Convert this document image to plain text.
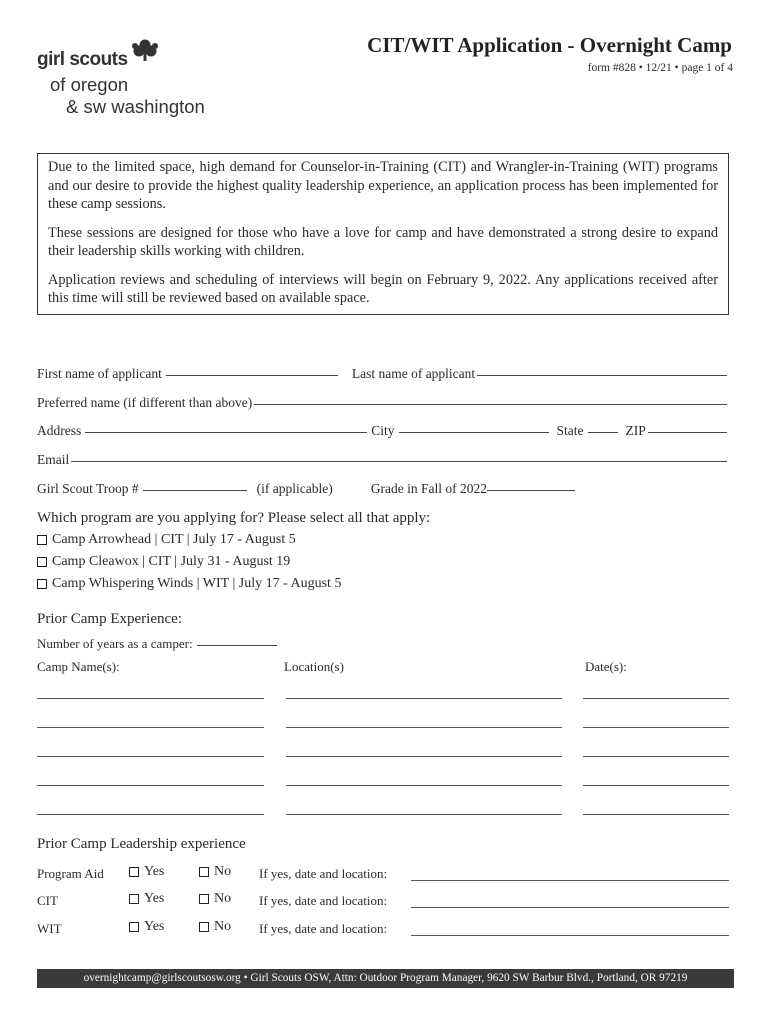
girl scouts
of oregon
& sw washington
CIT/WIT Application - Overnight Camp
form #828 • 12/21 • page 1 of 4

Due to the limited space, high demand for Counselor-in-Training (CIT) and Wrangler-in-Training (WIT) programs and our desire to provide the highest quality leadership experience, an application process has been implemented for these camp sessions.

These sessions are designed for those who have a love for camp and have demonstrated a strong desire to expand their leadership skills working with children.

Application reviews and scheduling of interviews will begin on February 9, 2022. Any applications received after this time will still be reviewed based on available space.

First name of applicant	Last name of applicant
Preferred name (if different than above)
Address	City	State	ZIP
Email
Girl Scout Troop #	(if applicable)	Grade in Fall of 2022
Which program are you applying for? Please select all that apply:
Camp Arrowhead | CIT | July 17 - August 5
Camp Cleawox | CIT | July 31 - August 19
Camp Whispering Winds | WIT | July 17 - August 5
Prior Camp Experience:
Number of years as a camper:
Camp Name(s):	Location(s)	Date(s):
Prior Camp Leadership experience
Program Aid	Yes	No If yes, date and location:
CIT	Yes	No If yes, date and location:
WIT	Yes	No If yes, date and location:
overnightcamp@girlscoutsosw.org • Girl Scouts OSW, Attn: Outdoor Program Manager, 9620 SW Barbur Blvd., Portland, OR 97219
